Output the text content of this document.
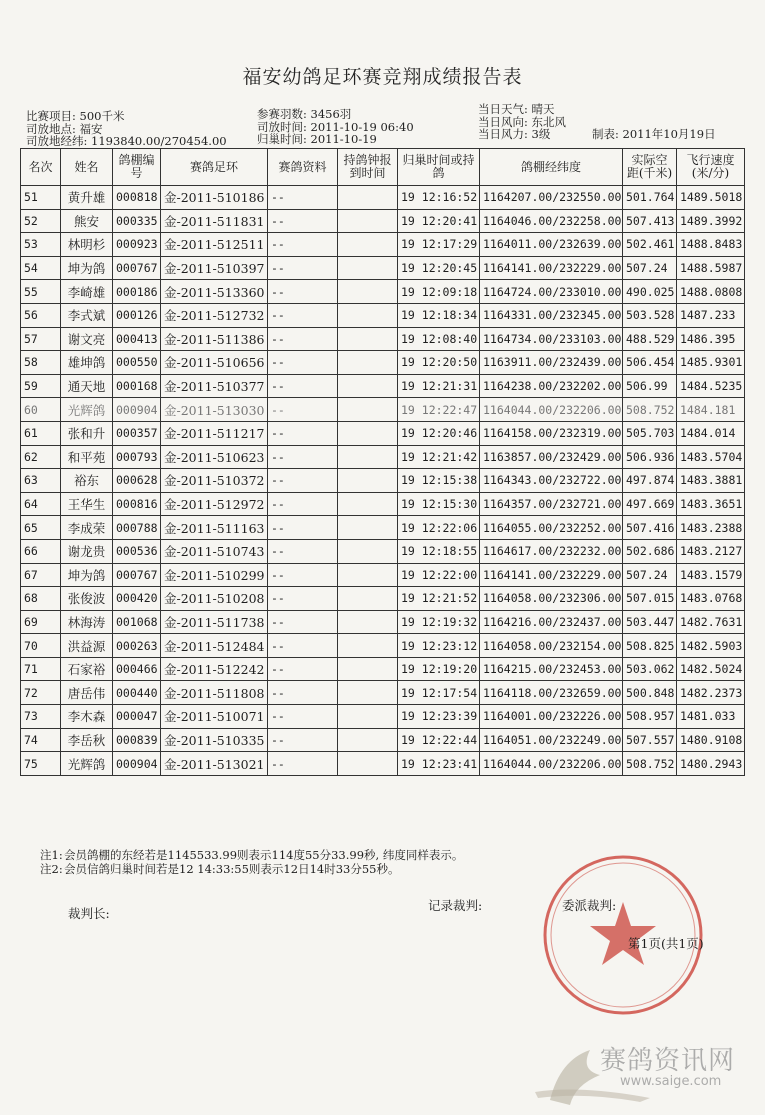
福安幼鸽足环赛竞翔成绩报告表
比赛项目: 500千米
司放地点: 福安
司放地经纬: 1193840.00/270454.00
参赛羽数: 3456羽
司放时间: 2011-10-19 06:40
归巢时间: 2011-10-19
当日天气: 晴天
当日风向: 东北风
当日风力: 3级	制表: 2011年10月19日
名次	姓名	鸽棚编号	赛鸽足环	赛鸽资料	持鸽钟报到时间	归巢时间或持鸽	鸽棚经纬度	实际空距(千米)	飞行速度(米/分)
51	黄升雄	000818	金-2011-510186	--		19 12:16:52	1164207.00/232550.00	501.764	1489.5018
52	熊安	000335	金-2011-511831	--		19 12:20:41	1164046.00/232258.00	507.413	1489.3992
53	林明杉	000923	金-2011-512511	--		19 12:17:29	1164011.00/232639.00	502.461	1488.8483
54	坤为鸽	000767	金-2011-510397	--		19 12:20:45	1164141.00/232229.00	507.24	1488.5987
55	李崎雄	000186	金-2011-513360	--		19 12:09:18	1164724.00/233010.00	490.025	1488.0808
56	李式斌	000126	金-2011-512732	--		19 12:18:34	1164331.00/232345.00	503.528	1487.233
57	谢文亮	000413	金-2011-511386	--		19 12:08:40	1164734.00/233103.00	488.529	1486.395
58	雄坤鸽	000550	金-2011-510656	--		19 12:20:50	1163911.00/232439.00	506.454	1485.9301
59	通天地	000168	金-2011-510377	--		19 12:21:31	1164238.00/232202.00	506.99	1484.5235
60	光辉鸽	000904	金-2011-513030	--		19 12:22:47	1164044.00/232206.00	508.752	1484.181
61	张和升	000357	金-2011-511217	--		19 12:20:46	1164158.00/232319.00	505.703	1484.014
62	和平苑	000793	金-2011-510623	--		19 12:21:42	1163857.00/232429.00	506.936	1483.5704
63	裕东	000628	金-2011-510372	--		19 12:15:38	1164343.00/232722.00	497.874	1483.3881
64	王华生	000816	金-2011-512972	--		19 12:15:30	1164357.00/232721.00	497.669	1483.3651
65	李成荣	000788	金-2011-511163	--		19 12:22:06	1164055.00/232252.00	507.416	1483.2388
66	谢龙贵	000536	金-2011-510743	--		19 12:18:55	1164617.00/232232.00	502.686	1483.2127
67	坤为鸽	000767	金-2011-510299	--		19 12:22:00	1164141.00/232229.00	507.24	1483.1579
68	张俊波	000420	金-2011-510208	--		19 12:21:52	1164058.00/232306.00	507.015	1483.0768
69	林海涛	001068	金-2011-511738	--		19 12:19:32	1164216.00/232437.00	503.447	1482.7631
70	洪益源	000263	金-2011-512484	--		19 12:23:12	1164058.00/232154.00	508.825	1482.5903
71	石家裕	000466	金-2011-512242	--		19 12:19:20	1164215.00/232453.00	503.062	1482.5024
72	唐岳伟	000440	金-2011-511808	--		19 12:17:54	1164118.00/232659.00	500.848	1482.2373
73	李木森	000047	金-2011-510071	--		19 12:23:39	1164001.00/232226.00	508.957	1481.033
74	李岳秋	000839	金-2011-510335	--		19 12:22:44	1164051.00/232249.00	507.557	1480.9108
75	光辉鸽	000904	金-2011-513021	--		19 12:23:41	1164044.00/232206.00	508.752	1480.2943
注1: 会员鸽棚的东经若是1145533.99则表示114度55分33.99秒, 纬度同样表示。
注2: 会员信鸽归巢时间若是12 14:33:55则表示12日14时33分55秒。
裁判长:
记录裁判:	委派裁判:
第1页(共1页)
赛鸽资讯网
www.saige.com
